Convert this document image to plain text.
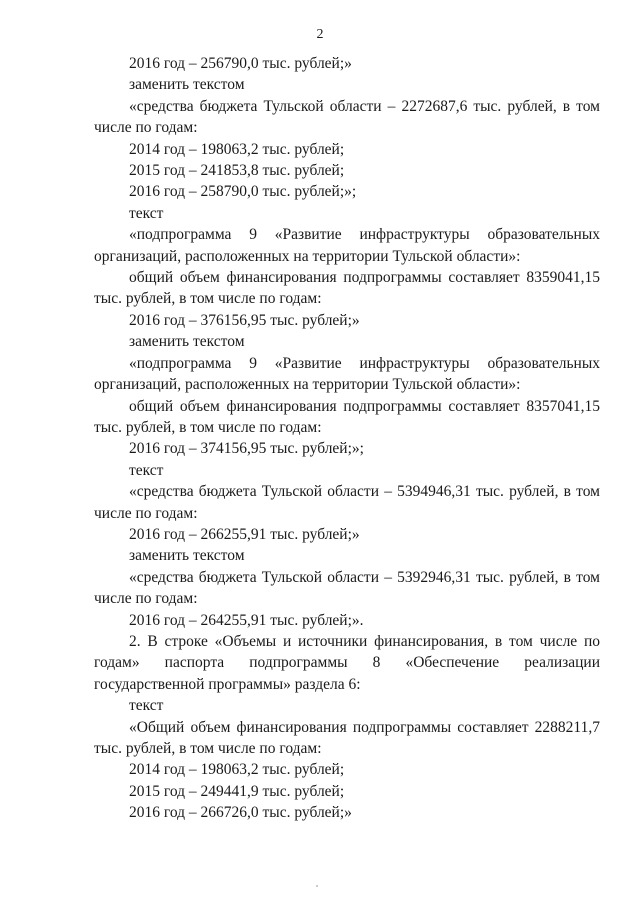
2

2016 год – 256790,0 тыс. рублей;»

заменить текстом

«средства бюджета Тульской области – 2272687,6 тыс. рублей, в том числе по годам:

2014 год – 198063,2 тыс. рублей;

2015 год – 241853,8 тыс. рублей;

2016 год – 258790,0 тыс. рублей;»;

текст

«подпрограмма 9 «Развитие инфраструктуры образовательных организаций, расположенных на территории Тульской области»:

общий объем финансирования подпрограммы составляет 8359041,15 тыс. рублей, в том числе по годам:

2016 год – 376156,95 тыс. рублей;»

заменить текстом

«подпрограмма 9 «Развитие инфраструктуры образовательных организаций, расположенных на территории Тульской области»:

общий объем финансирования подпрограммы составляет 8357041,15 тыс. рублей, в том числе по годам:

2016 год – 374156,95 тыс. рублей;»;

текст

«средства бюджета Тульской области – 5394946,31 тыс. рублей, в том числе по годам:

2016 год – 266255,91 тыс. рублей;»

заменить текстом

«средства бюджета Тульской области – 5392946,31 тыс. рублей, в том числе по годам:

2016 год – 264255,91 тыс. рублей;».

2. В строке «Объемы и источники финансирования, в том числе по годам» паспорта подпрограммы 8 «Обеспечение реализации государственной программы» раздела 6:

текст

«Общий объем финансирования подпрограммы составляет 2288211,7 тыс. рублей, в том числе по годам:

2014 год – 198063,2 тыс. рублей;

2015 год – 249441,9 тыс. рублей;

2016 год – 266726,0 тыс. рублей;»
